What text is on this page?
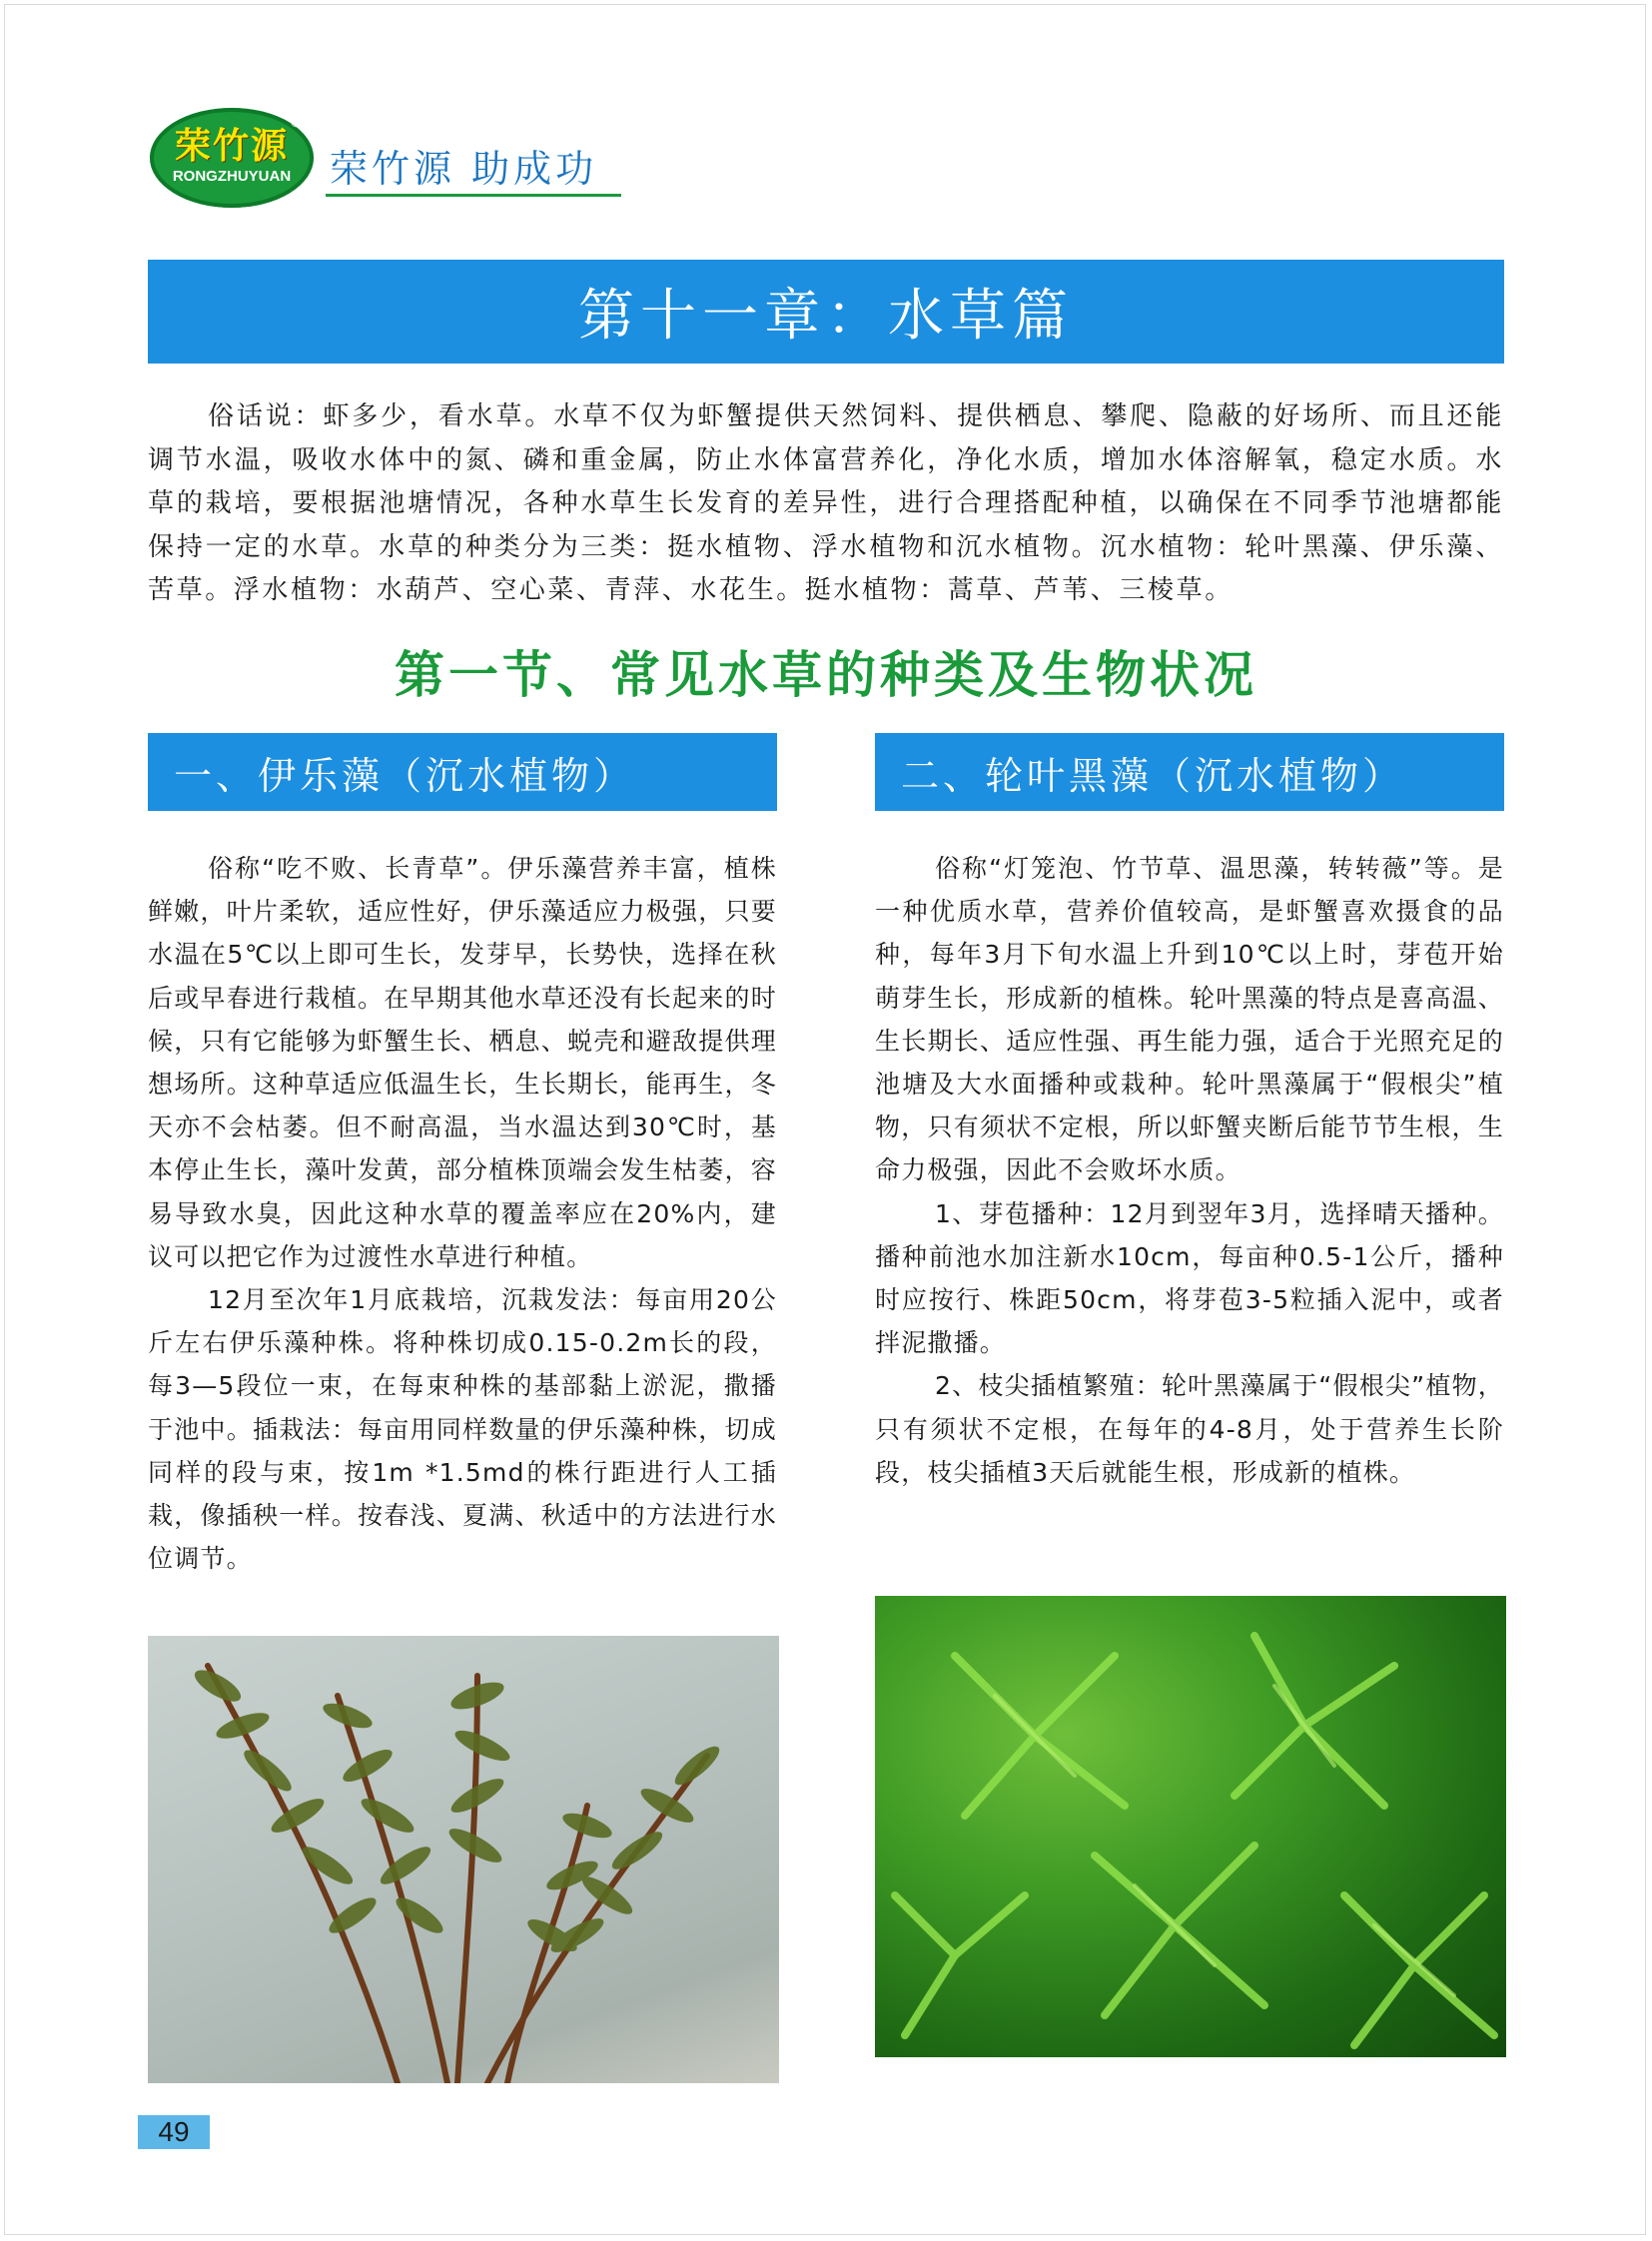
荣竹源
®
RONGZHUYUAN	荣竹源 助成功
第十一章：水草篇
俗话说：虾多少，看水草。水草不仅为虾蟹提供天然饲料、提供栖息、攀爬、隐蔽的好场所、而且还能调节水温，吸收水体中的氮、磷和重金属，防止水体富营养化，净化水质，增加水体溶解氧，稳定水质。水草的栽培，要根据池塘情况，各种水草生长发育的差异性，进行合理搭配种植，以确保在不同季节池塘都能保持一定的水草。水草的种类分为三类：挺水植物、浮水植物和沉水植物。沉水植物：轮叶黑藻、伊乐藻、苦草。浮水植物：水葫芦、空心菜、青萍、水花生。挺水植物：蒿草、芦苇、三棱草。
第一节、常见水草的种类及生物状况
一、伊乐藻（沉水植物）	二、轮叶黑藻（沉水植物）

俗称“吃不败、长青草”。伊乐藻营养丰富，植株鲜嫩，叶片柔软，适应性好，伊乐藻适应力极强，只要水温在5℃以上即可生长，发芽早，长势快，选择在秋后或早春进行栽植。在早期其他水草还没有长起来的时候，只有它能够为虾蟹生长、栖息、蜕壳和避敌提供理想场所。这种草适应低温生长，生长期长，能再生，冬天亦不会枯萎。但不耐高温，当水温达到30℃时，基本停止生长，藻叶发黄，部分植株顶端会发生枯萎，容易导致水臭，因此这种水草的覆盖率应在20%内，建议可以把它作为过渡性水草进行种植。

12月至次年1月底栽培，沉栽发法：每亩用20公斤左右伊乐藻种株。将种株切成0.15-0.2m长的段，每3—5段位一束，在每束种株的基部黏上淤泥，撒播于池中。插栽法：每亩用同样数量的伊乐藻种株，切成同样的段与束，按1m *1.5md的株行距进行人工插栽，像插秧一样。按春浅、夏满、秋适中的方法进行水位调节。

俗称“灯笼泡、竹节草、温思藻，转转薇”等。是一种优质水草，营养价值较高，是虾蟹喜欢摄食的品种，每年3月下旬水温上升到10℃以上时，芽苞开始萌芽生长，形成新的植株。轮叶黑藻的特点是喜高温、生长期长、适应性强、再生能力强，适合于光照充足的池塘及大水面播种或栽种。轮叶黑藻属于“假根尖”植物，只有须状不定根，所以虾蟹夹断后能节节生根，生命力极强，因此不会败坏水质。

1、芽苞播种：12月到翌年3月，选择晴天播种。播种前池水加注新水10cm，每亩种0.5-1公斤，播种时应按行、株距50cm，将芽苞3-5粒插入泥中，或者拌泥撒播。

2、枝尖插植繁殖：轮叶黑藻属于“假根尖”植物，只有须状不定根，在每年的4-8月，处于营养生长阶段，枝尖插植3天后就能生根，形成新的植株。

49
